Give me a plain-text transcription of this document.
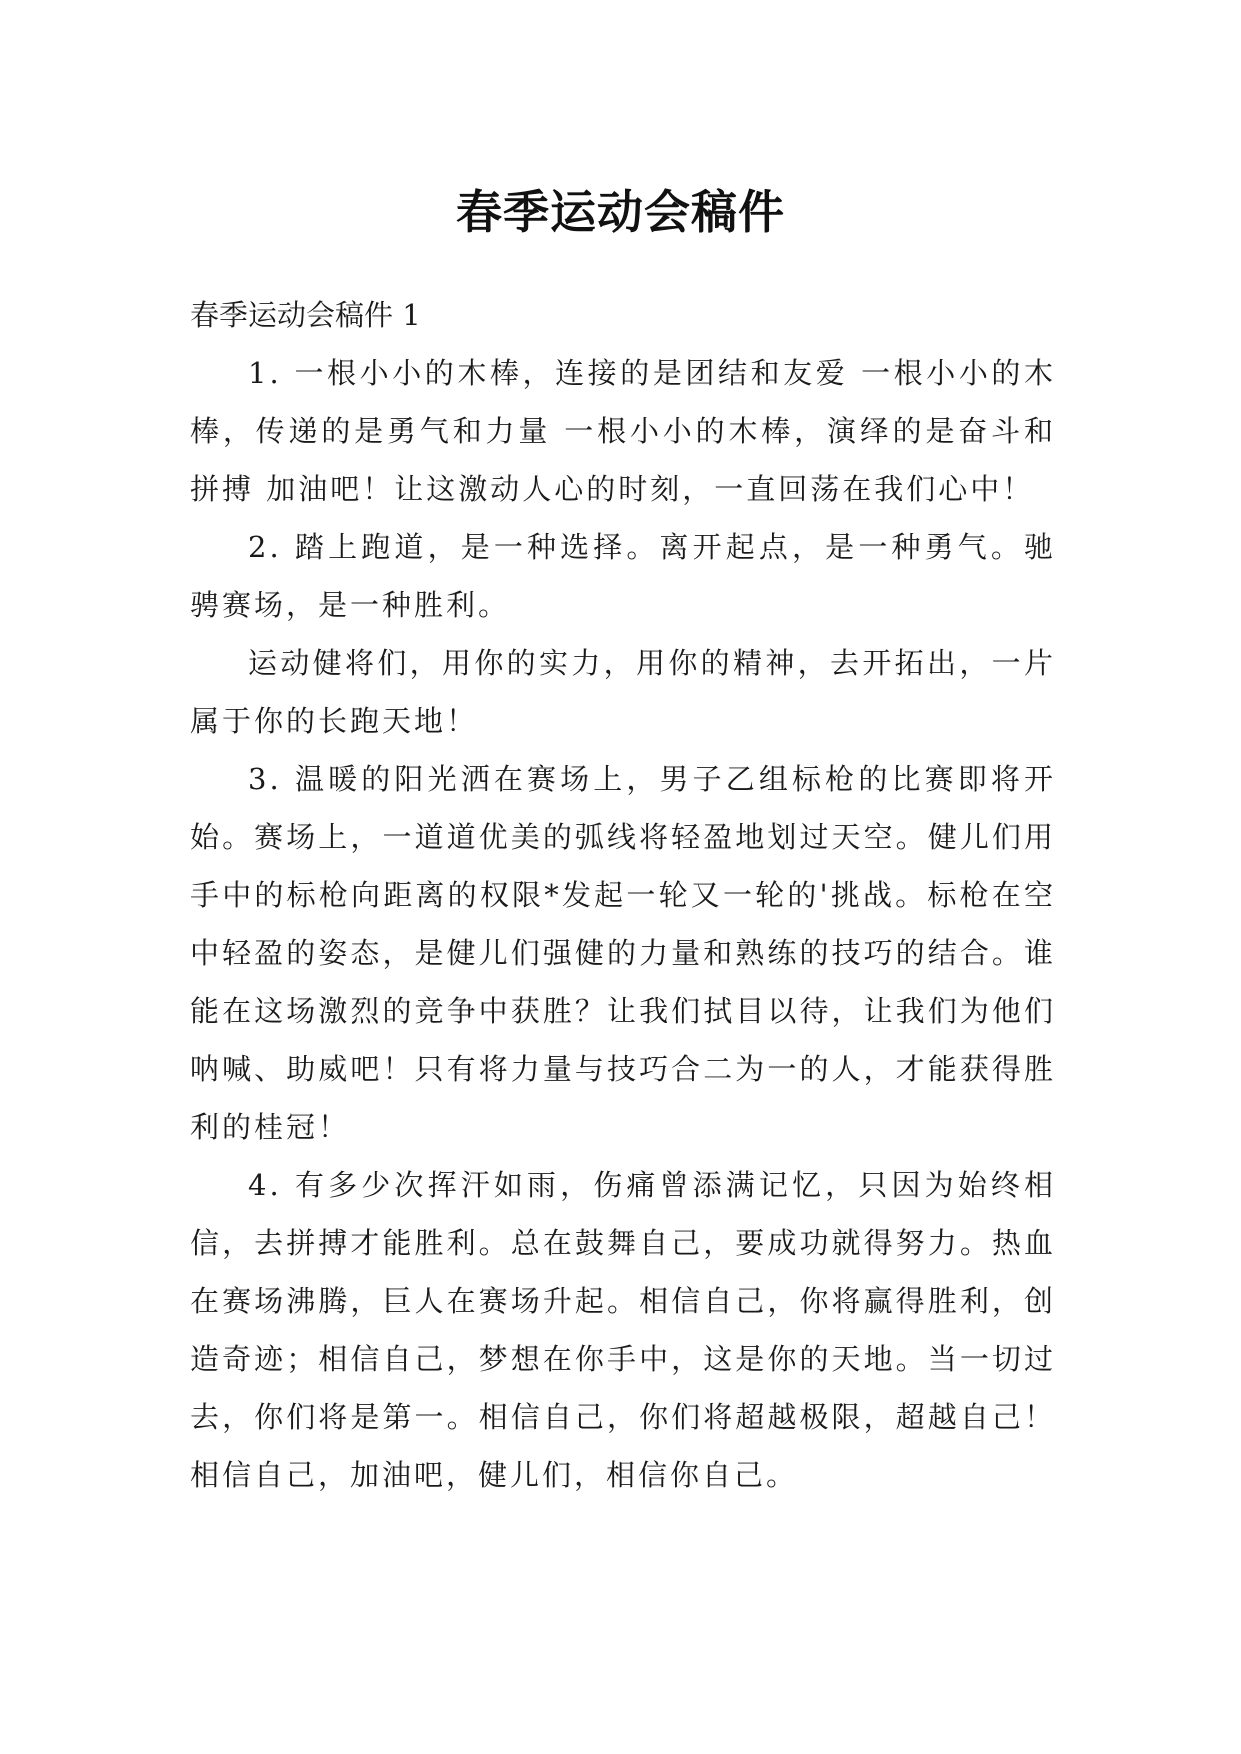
春季运动会稿件

春季运动会稿件 1

1. 一根小小的木棒，连接的是团结和友爱 一根小小的木棒，传递的是勇气和力量 一根小小的木棒，演绎的是奋斗和拼搏 加油吧！让这激动人心的时刻，一直回荡在我们心中！

2. 踏上跑道，是一种选择。离开起点，是一种勇气。驰骋赛场，是一种胜利。

运动健将们，用你的实力，用你的精神，去开拓出，一片属于你的长跑天地！

3. 温暖的阳光洒在赛场上，男子乙组标枪的比赛即将开始。赛场上，一道道优美的弧线将轻盈地划过天空。健儿们用手中的标枪向距离的权限*发起一轮又一轮的'挑战。标枪在空中轻盈的姿态，是健儿们强健的力量和熟练的技巧的结合。谁能在这场激烈的竞争中获胜？让我们拭目以待，让我们为他们呐喊、助威吧！只有将力量与技巧合二为一的人，才能获得胜利的桂冠！

4. 有多少次挥汗如雨，伤痛曾添满记忆，只因为始终相信，去拼搏才能胜利。总在鼓舞自己，要成功就得努力。热血在赛场沸腾，巨人在赛场升起。相信自己，你将赢得胜利，创造奇迹；相信自己，梦想在你手中，这是你的天地。当一切过去，你们将是第一。相信自己，你们将超越极限，超越自己！相信自己，加油吧，健儿们，相信你自己。
